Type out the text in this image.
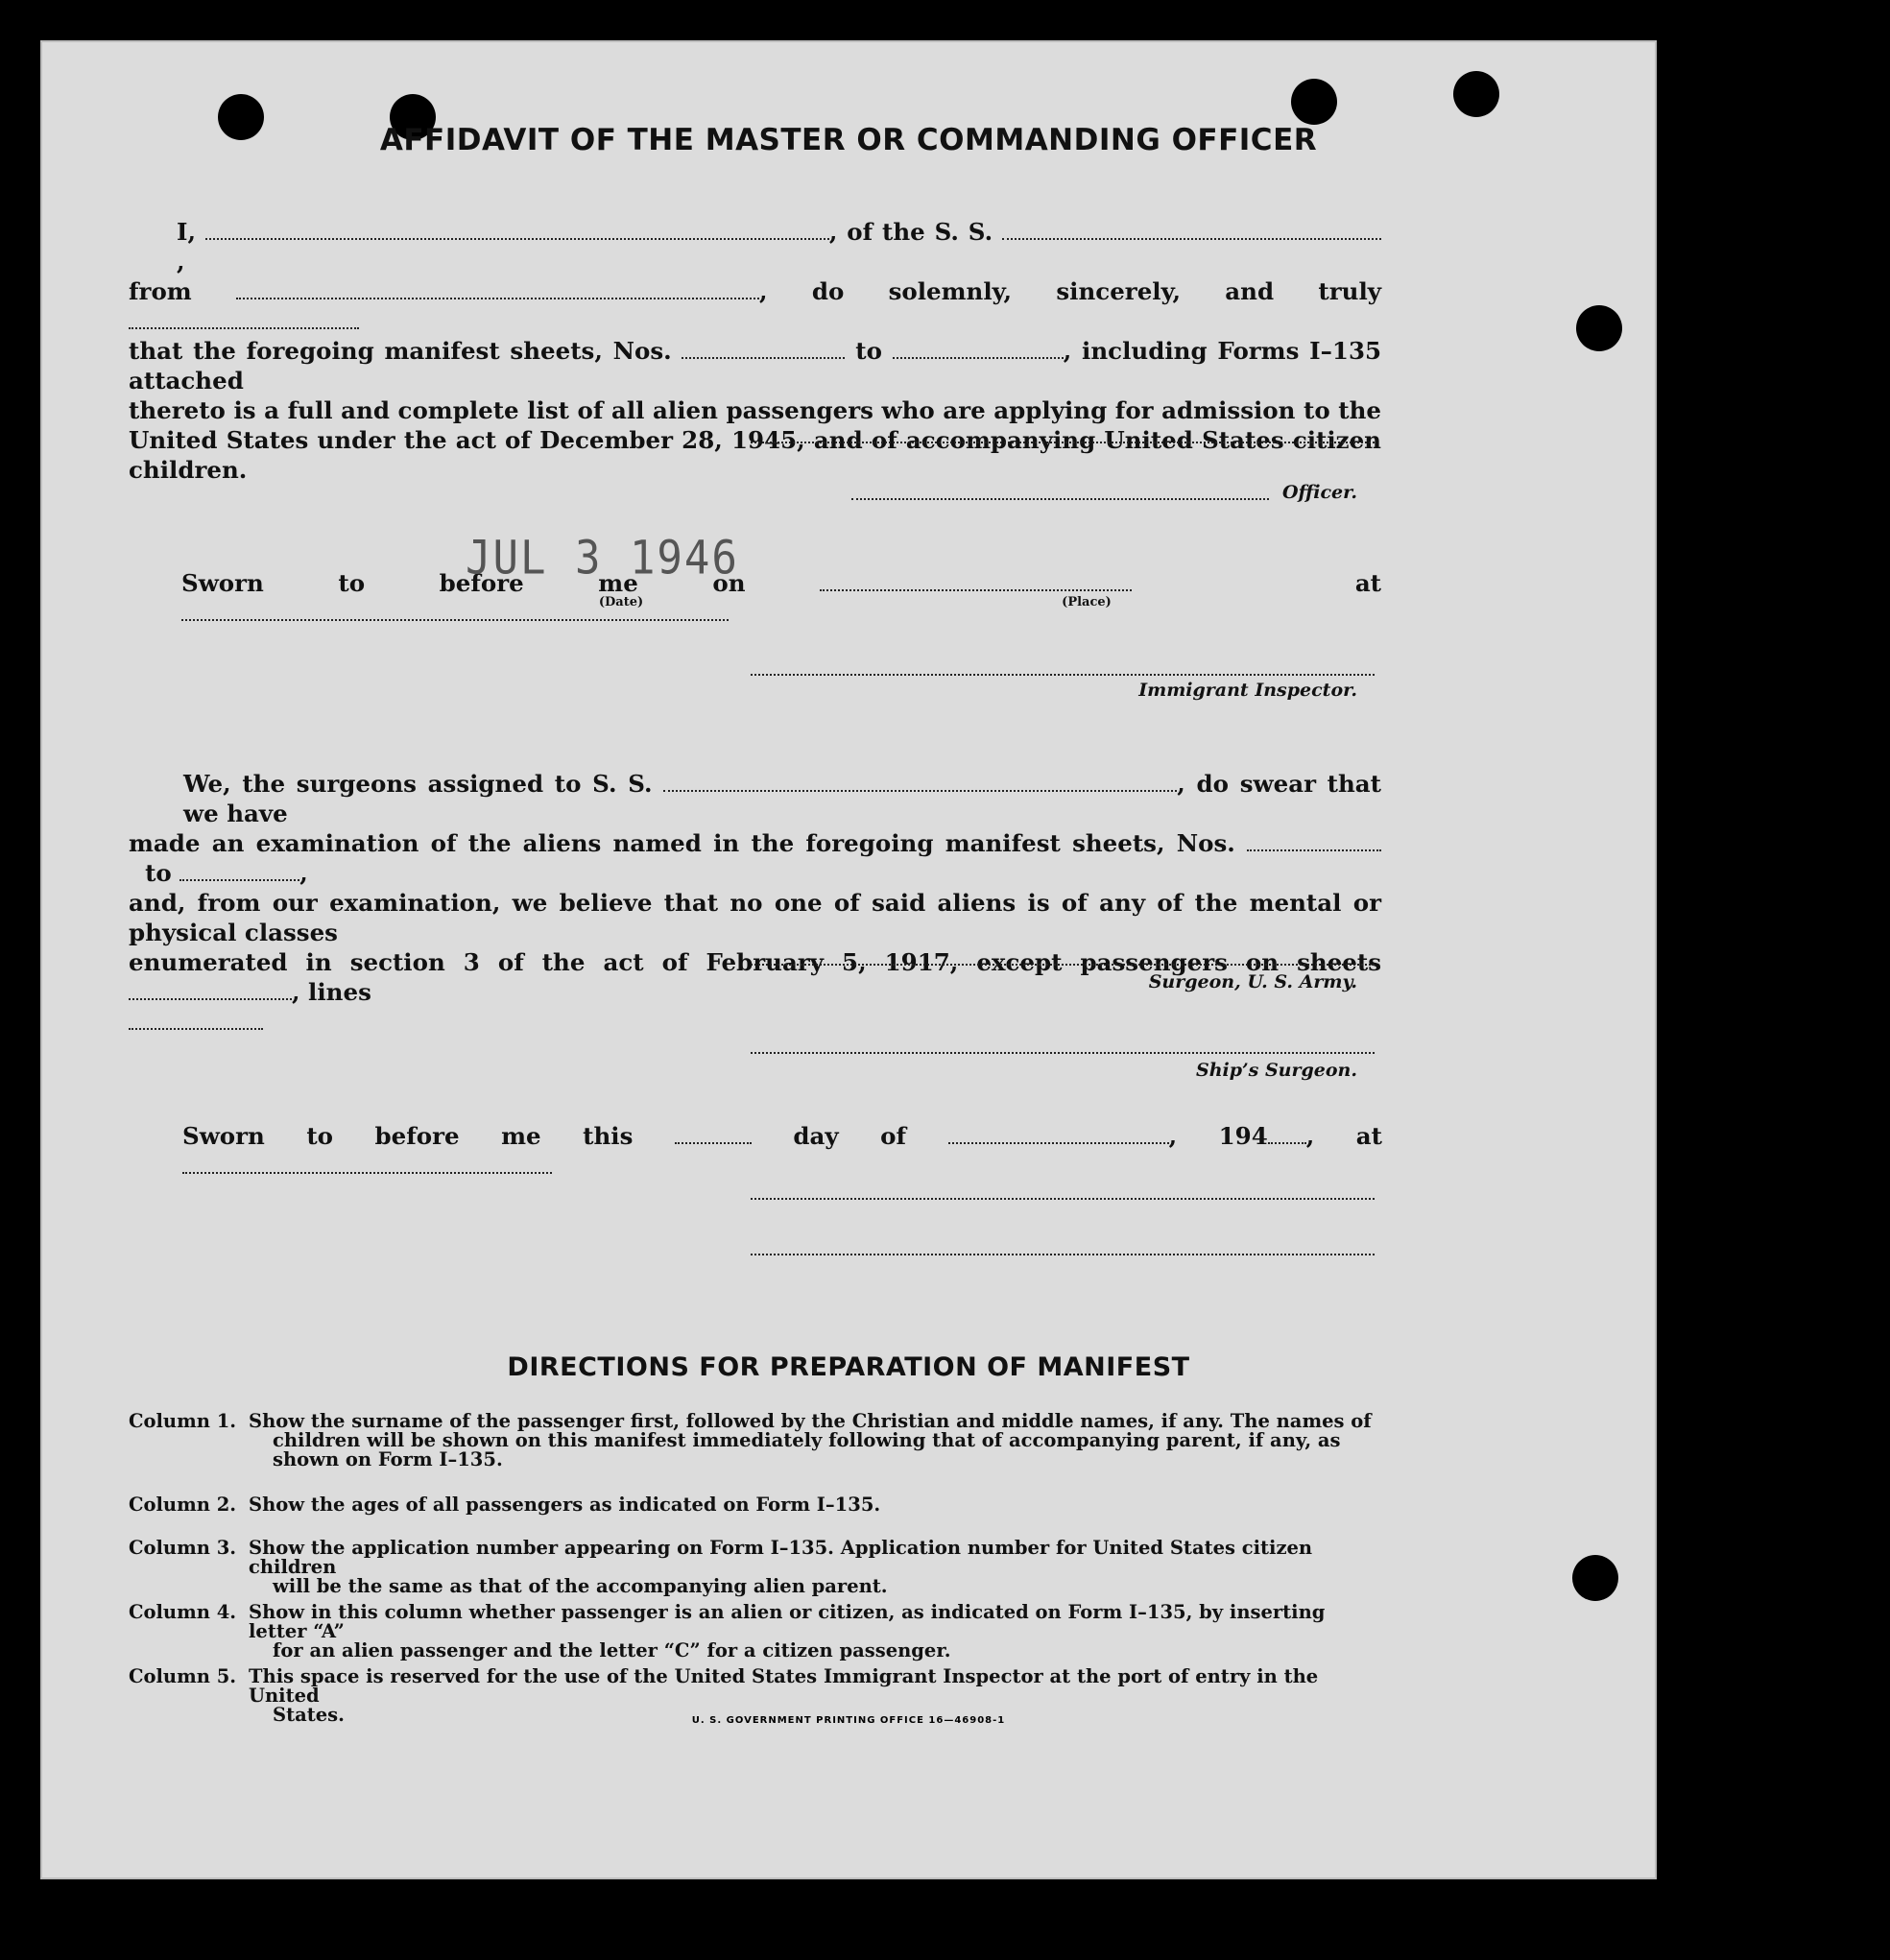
AFFIDAVIT OF THE MASTER OR COMMANDING OFFICER
I,	, of the S. S. ,
from	, do solemnly, sincerely, and truly
that the foregoing manifest sheets, Nos.	to	, including Forms I–135 attached
thereto is a full and complete list of all alien passengers who are applying for admission to the United States under the act of December 28, 1945, and of accompanying United States citizen children.
Officer.
Sworn to before me on	at
JUL 3 1946
(Date)	(Place)
Immigrant Inspector.
We, the surgeons assigned to S. S.	, do swear that we have
made an examination of the aliens named in the foregoing manifest sheets, Nos.    to	,
and, from our examination, we believe that no one of said aliens is of any of the mental or physical classes
enumerated in section 3 of the act of February 5, 1917, except passengers on sheets , lines	Surgeon, U. S. Army.
Ship’s Surgeon.
Sworn to before me this	day of	, 194 , at
DIRECTIONS FOR PREPARATION OF MANIFEST
Column 1. Show the surname of the passenger first, followed by the Christian and middle names, if any. The names of
children will be shown on this manifest immediately following that of accompanying parent, if any, as shown on Form I–135.
Column 2. Show the ages of all passengers as indicated on Form I–135.
Column 3. Show the application number appearing on Form I–135. Application number for United States citizen children
will be the same as that of the accompanying alien parent.
Column 4. Show in this column whether passenger is an alien or citizen, as indicated on Form I–135, by inserting letter “A”
for an alien passenger and the letter “C” for a citizen passenger.
Column 5. This space is reserved for the use of the United States Immigrant Inspector at the port of entry in the United
States.	U. S. GOVERNMENT PRINTING OFFICE 16—46908-1
